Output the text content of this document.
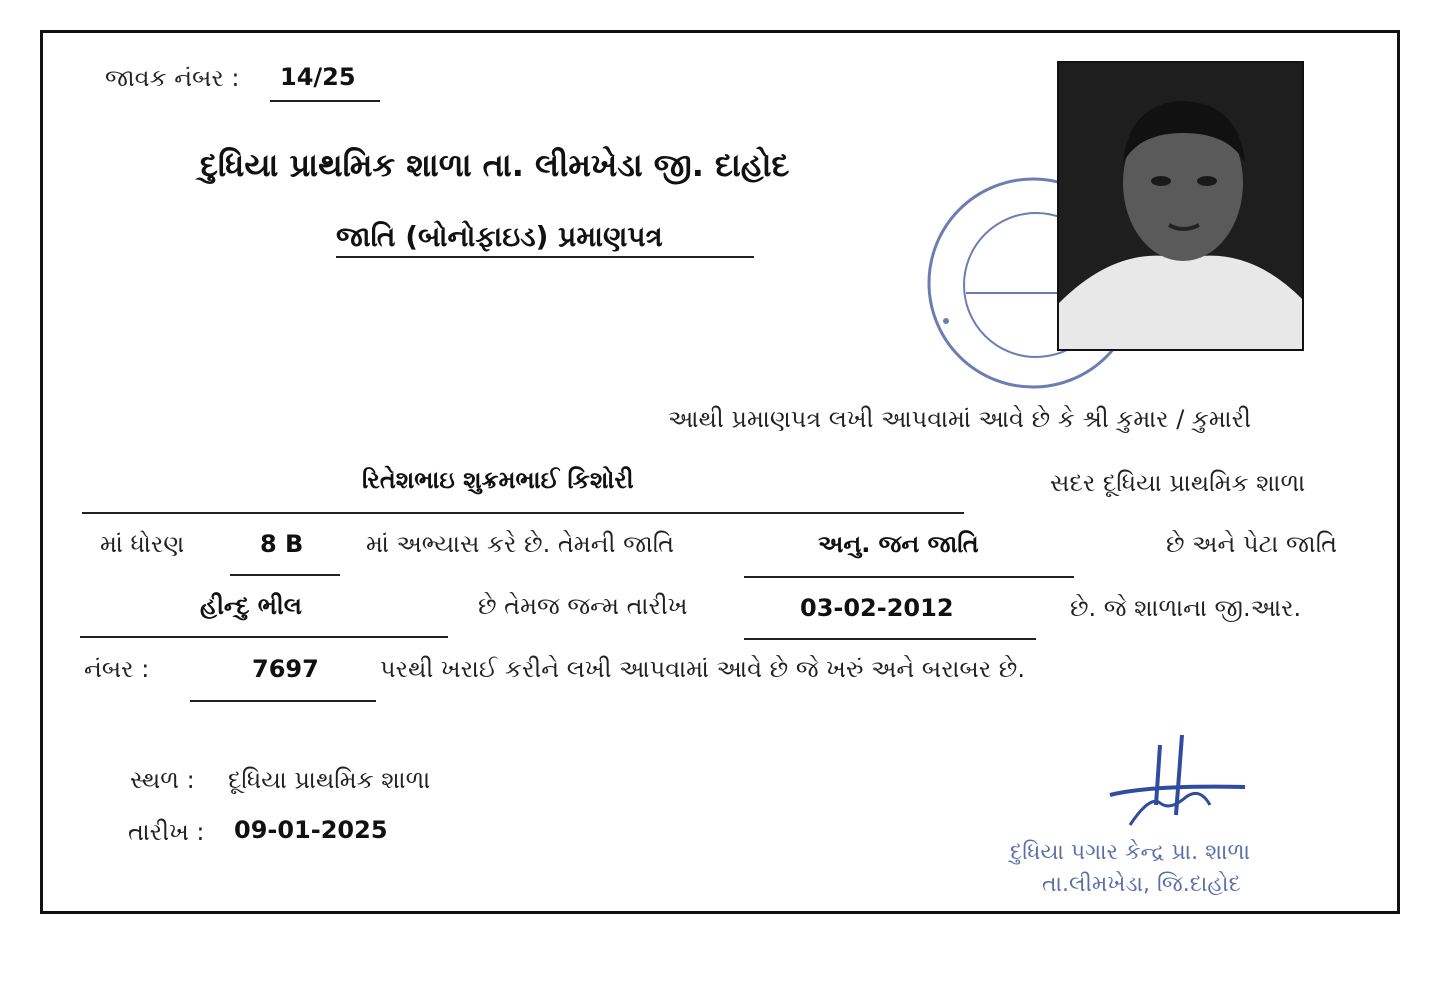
જાવક નંબર : 14/25
દુધિયા પ્રાથમિક શાળા તા. લીમખેડા જી. દાહોદ
જાતિ (બોનોફાઇડ) પ્રમાણપત્ર
આથી પ્રમાણપત્ર લખી આપવામાં આવે છે કે શ્રી કુમાર / કુમારી
રિતેશભાઇ શુક્રમભાઈ કિશોરી	સદર દૂધિયા પ્રાથમિક શાળા
માં ધોરણ	8 B	માં અભ્યાસ કરે છે. તેમની જાતિ	અનુ. જન જાતિ	છે અને પેટા જાતિ
હીન્દુ ભીલ	છે તેમજ જન્મ તારીખ	03-02-2012	છે. જે શાળાના જી.આર.
નંબર :	7697	પરથી ખરાઈ કરીને લખી આપવામાં આવે છે જે ખરું અને બરાબર છે.
સ્થળ : દૂધિયા પ્રાથમિક શાળા
તારીખ : 09-01-2025
દુધિયા પગાર કેન્દ્ર પ્રા. શાળા
તા.લીમખેડા, જિ.દાહોદ
